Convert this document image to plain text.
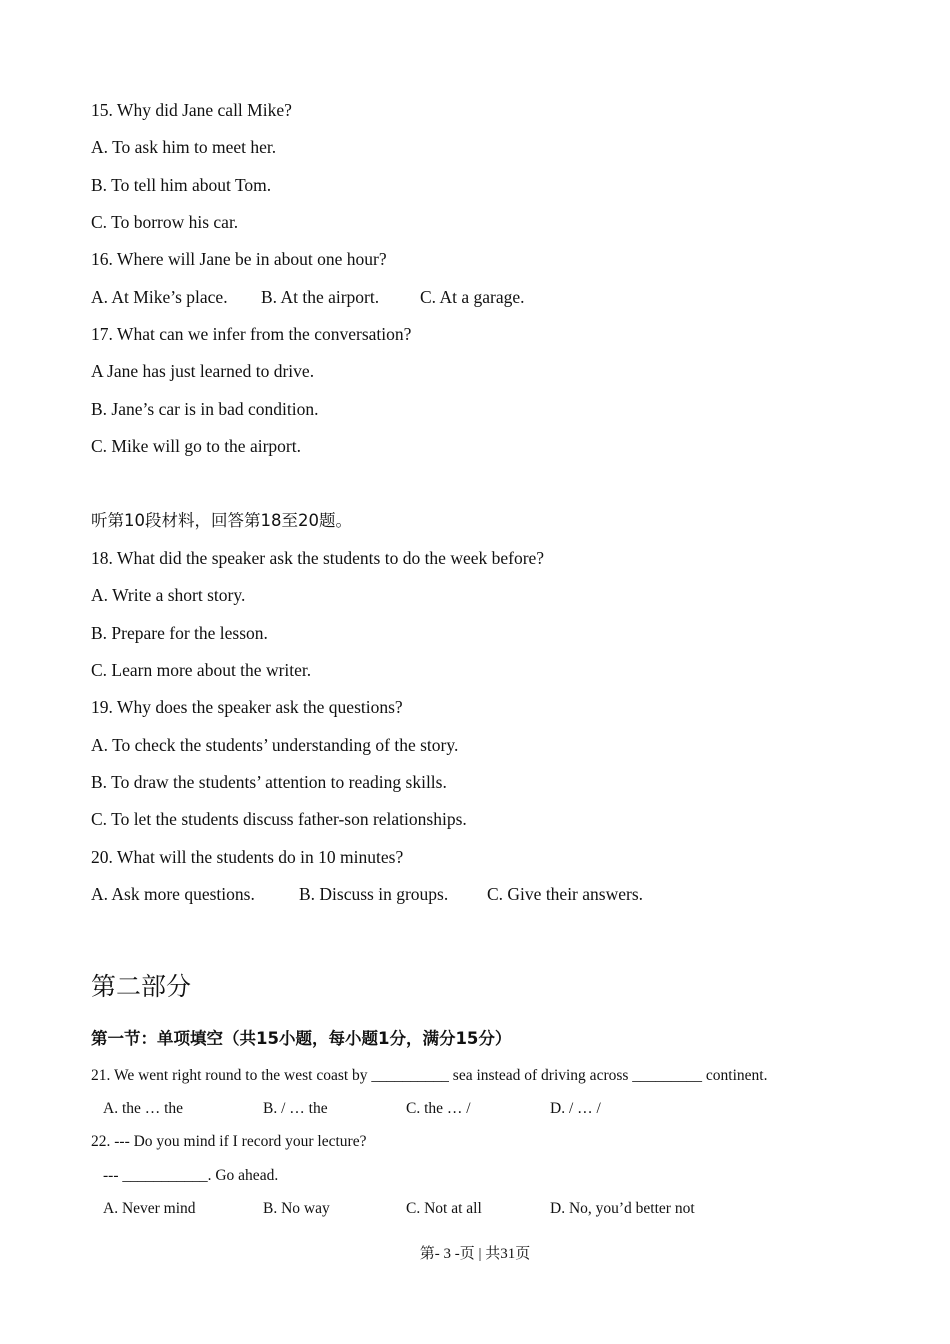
15. Why did Jane call Mike?
A. To ask him to meet her.
B. To tell him about Tom.
C. To borrow his car.
16. Where will Jane be in about one hour?
A. At Mike’s place. B. At the airport. C. At a garage.
17. What can we infer from the conversation?
A Jane has just learned to drive.
B. Jane’s car is in bad condition.
C. Mike will go to the airport.
听第10段材料，回答第18至20题。
18. What did the speaker ask the students to do the week before?
A. Write a short story.
B. Prepare for the lesson.
C. Learn more about the writer.
19. Why does the speaker ask the questions?
A. To check the students’ understanding of the story.
B. To draw the students’ attention to reading skills.
C. To let the students discuss father-son relationships.
20. What will the students do in 10 minutes?
A. Ask more questions.	B. Discuss in groups. C. Give their answers.
第二部分
第一节：单项填空（共15小题，每小题1分，满分15分）
21. We went right round to the west coast by __________ sea instead of driving across _________ continent.
A. the … the	B. / … the	C. the … /	D. / … /
22. --- Do you mind if I record your lecture?
--- ___________. Go ahead.
A. Never mind	B. No way	C. Not at all	D. No, you’d better not
第- 3 -页 | 共31页
